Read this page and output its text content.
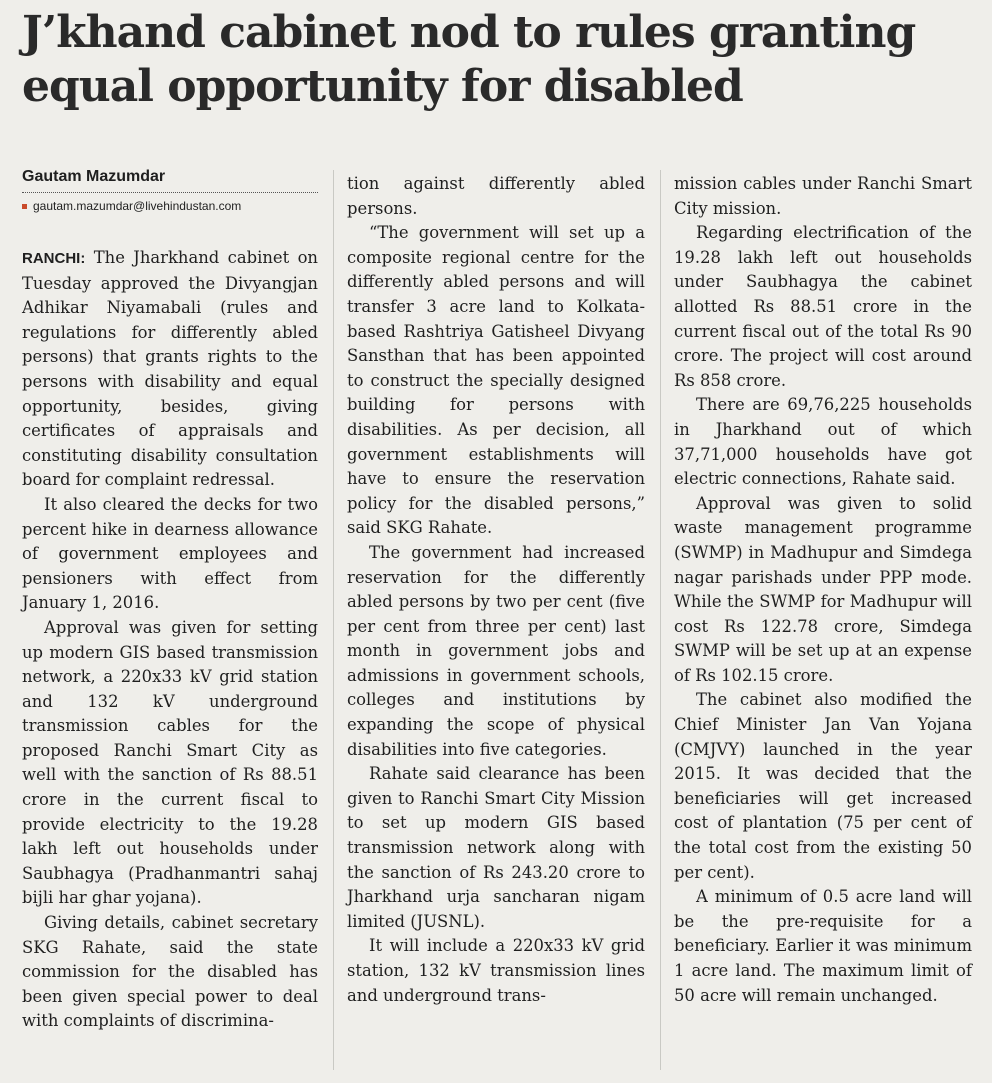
J’khand cabinet nod to rules granting equal opportunity for disabled
Gautam Mazumdar
gautam.mazumdar@livehindustan.com

RANCHI: The Jharkhand cabinet on Tuesday approved the Divyangjan Adhikar Niyamabali (rules and regulations for differently abled persons) that grants rights to the persons with disability and equal opportunity, besides, giving certificates of appraisals and constituting disability consultation board for complaint redressal.

It also cleared the decks for two percent hike in dearness allowance of government employees and pensioners with effect from January 1, 2016.

Approval was given for setting up modern GIS based transmission network, a 220x33 kV grid station and 132 kV underground transmission cables for the proposed Ranchi Smart City as well with the sanction of Rs 88.51 crore in the current fiscal to provide electricity to the 19.28 lakh left out households under Saubhagya (Pradhanmantri sahaj bijli har ghar yojana).

Giving details, cabinet secretary SKG Rahate, said the state commission for the disabled has been given special power to deal with complaints of discrimina-

tion against differently abled persons.

“The government will set up a composite regional centre for the differently abled persons and will transfer 3 acre land to Kolkata-based Rashtriya Gatisheel Divyang Sansthan that has been appointed to construct the specially designed building for persons with disabilities. As per decision, all government establishments will have to ensure the reservation policy for the disabled persons,” said SKG Rahate.

The government had increased reservation for the differently abled persons by two per cent (five per cent from three per cent) last month in government jobs and admissions in government schools, colleges and institutions by expanding the scope of physical disabilities into five categories.

Rahate said clearance has been given to Ranchi Smart City Mission to set up modern GIS based transmission network along with the sanction of Rs 243.20 crore to Jharkhand urja sancharan nigam limited (JUSNL).

It will include a 220x33 kV grid station, 132 kV transmission lines and underground trans-

mission cables under Ranchi Smart City mission.

Regarding electrification of the 19.28 lakh left out households under Saubhagya the cabinet allotted Rs 88.51 crore in the current fiscal out of the total Rs 90 crore. The project will cost around Rs 858 crore.

There are 69,76,225 households in Jharkhand out of which 37,71,000 households have got electric connections, Rahate said.

Approval was given to solid waste management programme (SWMP) in Madhupur and Simdega nagar parishads under PPP mode. While the SWMP for Madhupur will cost Rs 122.78 crore, Simdega SWMP will be set up at an expense of Rs 102.15 crore.

The cabinet also modified the Chief Minister Jan Van Yojana (CMJVY) launched in the year 2015. It was decided that the beneficiaries will get increased cost of plantation (75 per cent of the total cost from the existing 50 per cent).

A minimum of 0.5 acre land will be the pre-requisite for a beneficiary. Earlier it was minimum 1 acre land. The maximum limit of 50 acre will remain unchanged.
